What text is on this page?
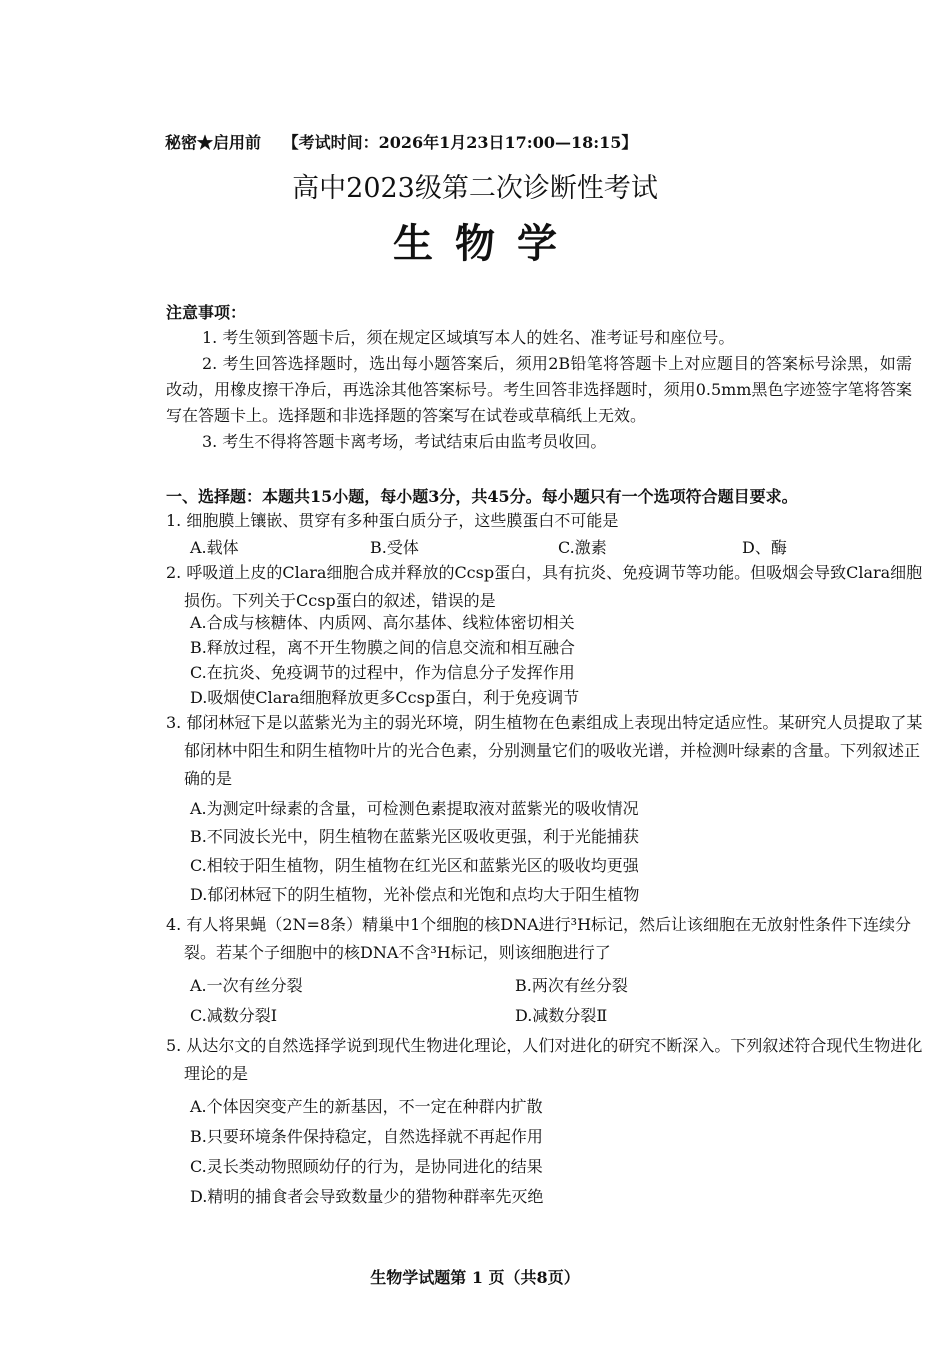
秘密★启用前 【考试时间：2026年1月23日17:00—18:15】
高中2023级第二次诊断性考试
生物学
注意事项：
1. 考生领到答题卡后，须在规定区域填写本人的姓名、准考证号和座位号。
2. 考生回答选择题时，选出每小题答案后，须用2B铅笔将答题卡上对应题目的答案标号涂黑，如需改动，用橡皮擦干净后，再选涂其他答案标号。考生回答非选择题时，须用0.5mm黑色字迹签字笔将答案写在答题卡上。选择题和非选择题的答案写在试卷或草稿纸上无效。
3. 考生不得将答题卡离考场，考试结束后由监考员收回。
一、选择题：本题共15小题，每小题3分，共45分。每小题只有一个选项符合题目要求。
1. 细胞膜上镶嵌、贯穿有多种蛋白质分子，这些膜蛋白不可能是
A.载体	B.受体	C.激素	D、酶
2. 呼吸道上皮的Clara细胞合成并释放的Ccsp蛋白，具有抗炎、免疫调节等功能。但吸烟会导致Clara细胞损伤。下列关于Ccsp蛋白的叙述，错误的是
A.合成与核糖体、内质网、高尔基体、线粒体密切相关
B.释放过程，离不开生物膜之间的信息交流和相互融合
C.在抗炎、免疫调节的过程中，作为信息分子发挥作用
D.吸烟使Clara细胞释放更多Ccsp蛋白，利于免疫调节
3. 郁闭林冠下是以蓝紫光为主的弱光环境，阴生植物在色素组成上表现出特定适应性。某研究人员提取了某郁闭林中阳生和阴生植物叶片的光合色素，分别测量它们的吸收光谱，并检测叶绿素的含量。下列叙述正确的是
A.为测定叶绿素的含量，可检测色素提取液对蓝紫光的吸收情况
B.不同波长光中，阴生植物在蓝紫光区吸收更强，利于光能捕获
C.相较于阳生植物，阴生植物在红光区和蓝紫光区的吸收均更强
D.郁闭林冠下的阴生植物，光补偿点和光饱和点均大于阳生植物
4. 有人将果蝇（2N=8条）精巢中1个细胞的核DNA进行³H标记，然后让该细胞在无放射性条件下连续分裂。若某个子细胞中的核DNA不含³H标记，则该细胞进行了
A.一次有丝分裂	B.两次有丝分裂
C.减数分裂Ⅰ	D.减数分裂Ⅱ
5. 从达尔文的自然选择学说到现代生物进化理论，人们对进化的研究不断深入。下列叙述符合现代生物进化理论的是
A.个体因突变产生的新基因，不一定在种群内扩散
B.只要环境条件保持稳定，自然选择就不再起作用
C.灵长类动物照顾幼仔的行为，是协同进化的结果
D.精明的捕食者会导致数量少的猎物种群率先灭绝
生物学试题第 1 页（共8页）
